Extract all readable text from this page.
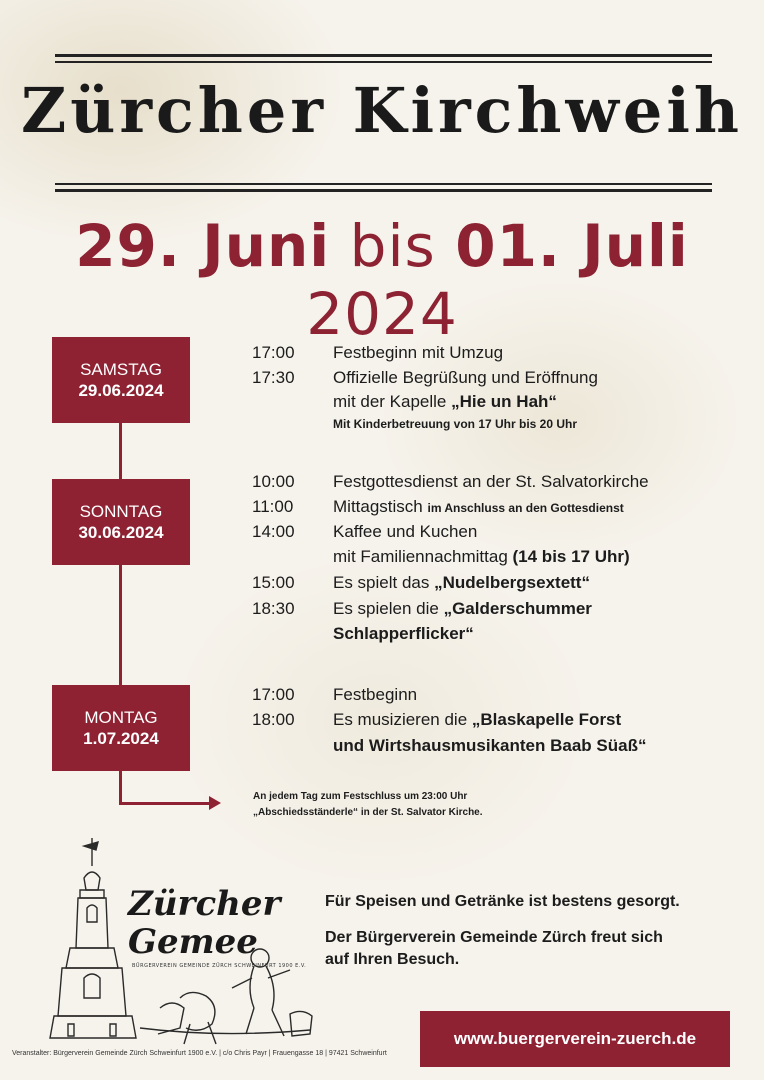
Zürcher Kirchweih
29. Juni bis 01. Juli 2024
SAMSTAG
29.06.2024
SONNTAG
30.06.2024
MONTAG
1.07.2024
17:00	Festbeginn mit Umzug
17:30	Offizielle Begrüßung und Eröffnung
mit der Kapelle „Hie un Hah“
Mit Kinderbetreuung von 17 Uhr bis 20 Uhr
10:00	Festgottesdienst an der St. Salvatorkirche
11:00	Mittagstisch im Anschluss an den Gottesdienst
14:00	Kaffee und Kuchen
mit Familiennachmittag (14 bis 17 Uhr)
15:00	Es spielt das „Nudelbergsextett“
18:30	Es spielen die „Galderschummer
Schlapperflicker“
17:00	Festbeginn
18:00	Es musizieren die „Blaskapelle Forst
und Wirtshausmusikanten Baab Süaß“
An jedem Tag zum Festschluss um 23:00 Uhr
„Abschiedsständerle“ in der St. Salvator Kirche.
Zürcher
Gemee
BÜRGERVEREIN GEMEINDE ZÜRCH SCHWEINFURT 1900 E.V.
Für Speisen und Getränke ist bestens gesorgt.
Der Bürgerverein Gemeinde Zürch freut sich
auf Ihren Besuch.
www.buergerverein-zuerch.de
Veranstalter: Bürgerverein Gemeinde Zürch Schweinfurt 1900 e.V. | c/o Chris Payr | Frauengasse 18 | 97421 Schweinfurt
